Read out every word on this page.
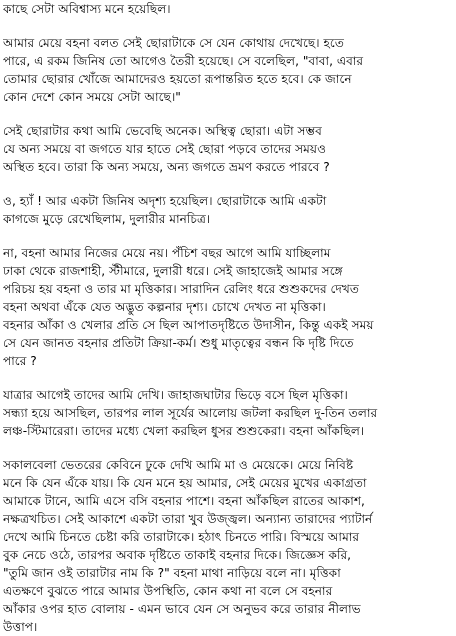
কাছে সেটা অবিশ্বাস্য মনে হয়েছিল।
আমার মেয়ে বহনা বলত সেই ছোরাটাকে সে যেন কোথায় দেখেছে। হতে
পারে, এ রকম জিনিষ তো আগেও তৈরী হয়েছে। সে বলেছিল, "বাবা, এবার
তোমার ছোরার খোঁজে আমাদেরও হয়তো রূপান্তরিত হতে হবে। কে জানে
কোন দেশে কোন সময়ে সেটা আছে।"
সেই ছোরাটার কথা আমি ভেবেছি অনেক। অস্থিত্ব ছোরা। এটা সম্ভব
যে অন্য সময়ে বা জগতে যার হাতে সেই ছোরা পড়বে তাদের সময়ও
অস্থিত হবে। তারা কি অন্য সময়ে, অন্য জগতে ভ্রমণ করতে পারবে ?
ও, হ্যাঁ ! আর একটা জিনিষ অদৃশ্য হয়েছিল। ছোরাটাকে আমি একটা
কাগজে মুড়ে রেখেছিলাম, দুলারীর মানচিত্র।
না, বহনা আমার নিজের মেয়ে নয়। পঁচিশ বছর আগে আমি যাচ্ছিলাম
ঢাকা থেকে রাজশাহী, স্টীমারে, দুলারী ধরে। সেই জাহাজেই আমার সঙ্গে
পরিচয় হয় বহনা ও তার মা মৃত্তিকার। সারাদিন রেলিং ধরে শুশুকদের দেখত
বহনা অথবা এঁকে যেত অদ্ভুত কল্পনার দৃশ্য। চোখে দেখত না মৃত্তিকা।
বহনার আঁকা ও খেলার প্রতি সে ছিল আপাতদৃষ্টিতে উদাসীন, কিন্তু একই সময়
সে যেন জানত বহনার প্রতিটা ক্রিয়া-কর্ম। শুধু মাতৃত্বের বন্ধন কি দৃষ্টি দিতে
পারে ?
যাত্রার আগেই তাদের আমি দেখি। জাহাজঘাটার ভিড়ে বসে ছিল মৃত্তিকা।
সন্ধ্যা হয়ে আসছিল, তারপর লাল সূর্যের আলোয় জটলা করছিল দু-তিন তলার
লঞ্চ-স্টিমারেরা। তাদের মধ্যে খেলা করছিল ধুসর শুশুকেরা। বহনা আঁকছিল।
সকালবেলা ভেতরের কেবিনে ঢুকে দেখি আমি মা ও মেয়েকে। মেয়ে নিবিষ্ট
মনে কি যেন এঁকে যায়। কি যেন মনে হয় আমার, সেই মেয়ের মুখের একাগ্রতা
আমাকে টানে, আমি এসে বসি বহনার পাশে। বহনা আঁকছিল রাতের আকাশ,
নক্ষত্রখচিত। সেই আকাশে একটা তারা খুব উজ্জ্বল। অন্যান্য তারাদের প্যাটার্ন
দেখে আমি চিনতে চেষ্টা করি তারাটাকে। হঠাৎ চিনতে পারি। বিস্ময়ে আমার
বুক নেচে ওঠে, তারপর অবাক দৃষ্টিতে তাকাই বহনার দিকে। জিজ্ঞেস করি,
"তুমি জান ওই তারাটার নাম কি ?" বহনা মাথা নাড়িয়ে বলে না। মৃত্তিকা
এতক্ষণে বুঝতে পারে আমার উপস্থিতি, কোন কথা না বলে সে বহনার
আঁকার ওপর হাত বোলায় - এমন ভাবে যেন সে অনুভব করে তারার নীলাভ
উত্তাপ।
